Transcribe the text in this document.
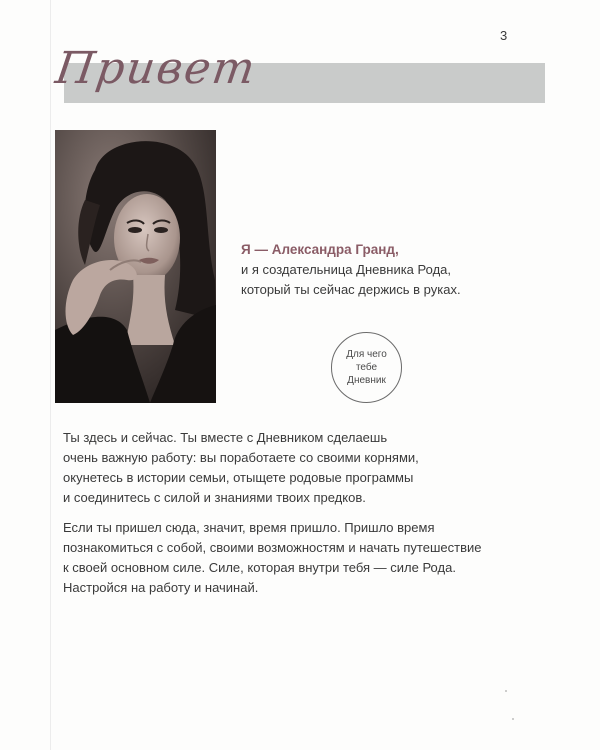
3
Привет
Я — Александра Гранд,
и я создательница Дневника Рода,
который ты сейчас держись в руках.
Для чего
тебе
Дневник

Ты здесь и сейчас. Ты вместе с Дневником сделаешь
очень важную работу: вы поработаете со своими корнями,
окунетесь в истории семьи, отыщете родовые программы
и соединитесь с силой и знаниями твоих предков.

Если ты пришел сюда, значит, время пришло. Пришло время
познакомиться с собой, своими возможностям и начать путешествие
к своей основном силе. Силе, которая внутри тебя — силе Рода.
Настройся на работу и начинай.
